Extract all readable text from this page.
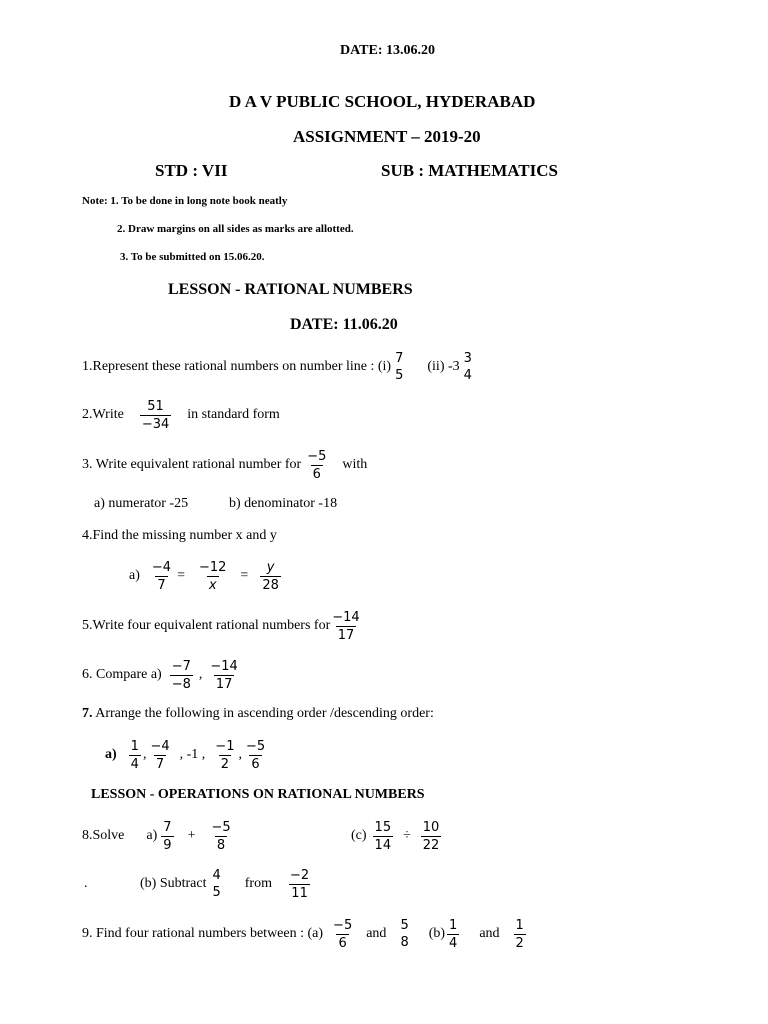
DATE: 13.06.20
D A V PUBLIC SCHOOL, HYDERABAD
ASSIGNMENT – 2019-20
STD : VII	SUB : MATHEMATICS
Note: 1. To be done in long note book neatly
2. Draw margins on all sides as marks are allotted.
3. To be submitted on 15.06.20.
LESSON - RATIONAL NUMBERS
DATE: 11.06.20
1.Represent these rational numbers on number line : (i)
7
5
(ii) -3
3
4
2.Write $\frac{51}{-34}$ in standard form
3. Write equivalent rational number for $\frac{-5}{6}$ with
a) numerator -25	b) denominator -18
4.Find the missing number x and y
$a) \frac{-4}{7} = \frac{-12}{x} = \frac{y}{28}$
5.Write four equivalent rational numbers for $\frac{-14}{17}$
6. Compare $a) \frac{-7}{-8}$ , $\frac{-14}{17}$
7. Arrange the following in ascending order /descending order:
$a) \frac{1}{4}$ , $\frac{-4}{7}$ , -1 , $\frac{-1}{2}$ , $\frac{-5}{6}$
LESSON - OPERATIONS ON RATIONAL NUMBERS
8.Solve $a) \frac{7}{9} + \frac{-5}{8}$	$(c) \frac{15}{14} \div \frac{10}{22}$
.	(b) Subtract
4
5
from $\frac{-2}{11}$
9. Find four rational numbers between : $(a) \frac{-5}{6}$ and
5
8
$(b) \frac{1}{4}$ and $\frac{1}{2}$
